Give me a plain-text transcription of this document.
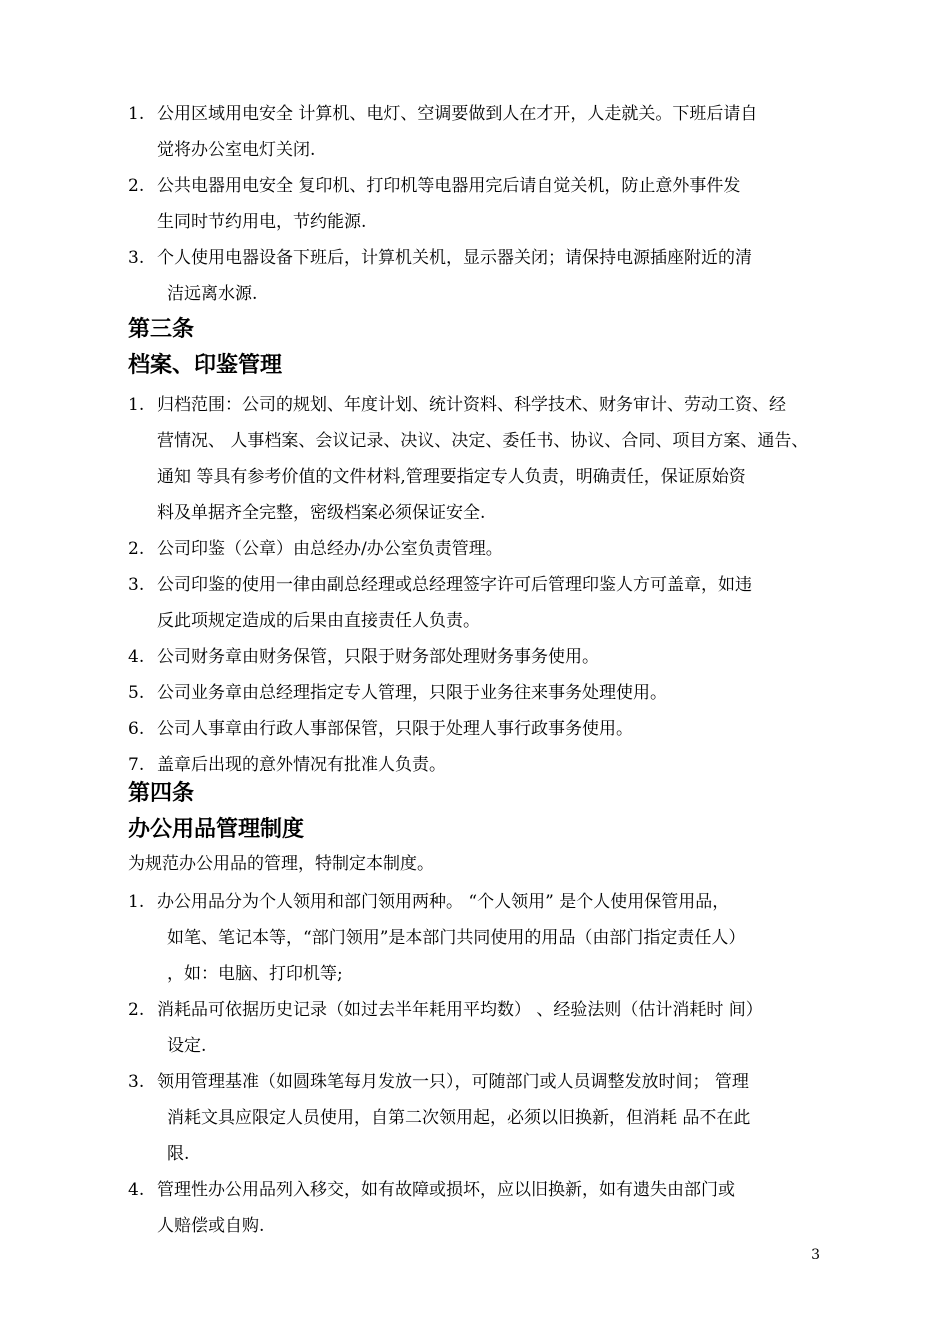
1. 公用区域用电安全 计算机、电灯、空调要做到人在才开，人走就关。下班后请自
觉将办公室电灯关闭.
2. 公共电器用电安全 复印机、打印机等电器用完后请自觉关机，防止意外事件发
生同时节约用电，节约能源.
3. 个人使用电器设备下班后，计算机关机，显示器关闭；请保持电源插座附近的清
洁远离水源.
第三条
档案、印鉴管理
1. 归档范围：公司的规划、年度计划、统计资料、科学技术、财务审计、劳动工资、经
营情况、 人事档案、会议记录、决议、决定、委任书、协议、合同、项目方案、通告、
通知 等具有参考价值的文件材料,管理要指定专人负责，明确责任，保证原始资
料及单据齐全完整，密级档案必须保证安全.
2. 公司印鉴（公章）由总经办/办公室负责管理。
3. 公司印鉴的使用一律由副总经理或总经理签字许可后管理印鉴人方可盖章，如违
反此项规定造成的后果由直接责任人负责。
4. 公司财务章由财务保管，只限于财务部处理财务事务使用。
5. 公司业务章由总经理指定专人管理，只限于业务往来事务处理使用。
6. 公司人事章由行政人事部保管，只限于处理人事行政事务使用。
7. 盖章后出现的意外情况有批准人负责。
第四条
办公用品管理制度
为规范办公用品的管理，特制定本制度。
1. 办公用品分为个人领用和部门领用两种。 “个人领用” 是个人使用保管用品，
如笔、笔记本等，“部门领用”是本部门共同使用的用品（由部门指定责任人）
，如：电脑、打印机等;
2. 消耗品可依据历史记录（如过去半年耗用平均数） 、经验法则（估计消耗时 间）
设定.
3. 领用管理基准（如圆珠笔每月发放一只），可随部门或人员调整发放时间； 管理
消耗文具应限定人员使用，自第二次领用起，必须以旧换新，但消耗 品不在此
限.
4. 管理性办公用品列入移交，如有故障或损坏，应以旧换新，如有遗失由部门或
人赔偿或自购.
3
